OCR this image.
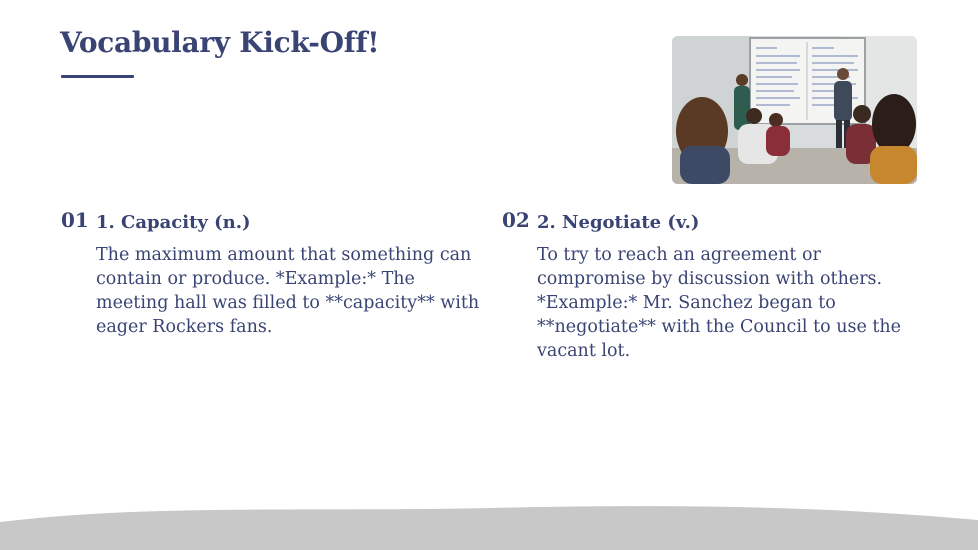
Vocabulary Kick-Off!
01 1. Capacity (n.)
The maximum amount that something can contain or produce. *Example:* The meeting hall was filled to **capacity** with eager Rockers fans.
02 2. Negotiate (v.)
To try to reach an agreement or compromise by discussion with others. *Example:* Mr. Sanchez began to **negotiate** with the Council to use the vacant lot.
